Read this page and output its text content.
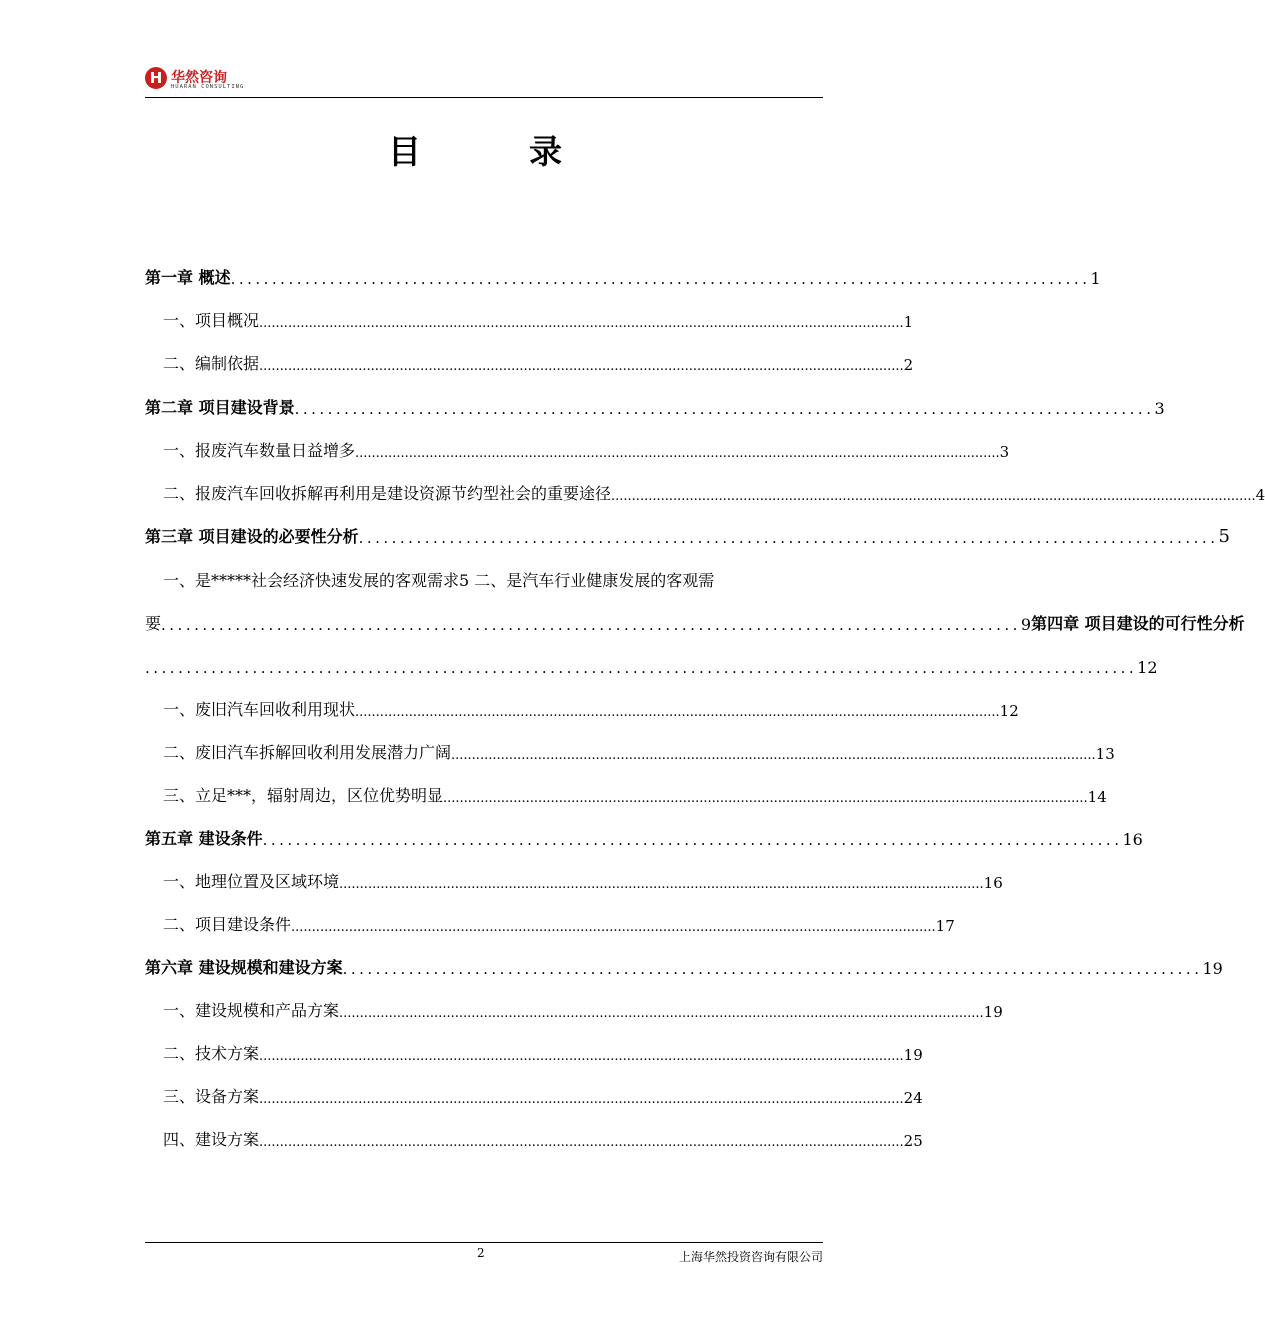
H 华然咨询
HUARAN CONSULTING
目	录
第一章 概述 ........................................................................................................ 1
一、项目概况 ............................................................................................................................................................ 1
二、编制依据 ............................................................................................................................................................ 2
第二章 项目建设背景 ........................................................................................................ 3
一、报废汽车数量日益增多 ............................................................................................................................................................ 3
二、报废汽车回收拆解再利用是建设资源节约型社会的重要途径 ............................................................................................................................................................ 4
第三章 项目建设的必要性分析 ........................................................................................................ 5
一、是*****社会经济快速发展的客观需求5 二、是汽车行业健康发展的客观需
要 ........................................................................................................ 9 第四章 项目建设的可行性分析
........................................................................................................................ 12
一、废旧汽车回收利用现状 ............................................................................................................................................................ 12
二、废旧汽车拆解回收利用发展潜力广阔 ............................................................................................................................................................ 13
三、立足***，辐射周边，区位优势明显 ............................................................................................................................................................ 14
第五章 建设条件 ........................................................................................................ 16
一、地理位置及区域环境 ............................................................................................................................................................ 16
二、项目建设条件 ............................................................................................................................................................ 17
第六章 建设规模和建设方案 ........................................................................................................ 19
一、建设规模和产品方案 ............................................................................................................................................................ 19
二、技术方案 ............................................................................................................................................................ 19
三、设备方案 ............................................................................................................................................................ 24
四、建设方案 ............................................................................................................................................................ 25
2	上海华然投资咨询有限公司
